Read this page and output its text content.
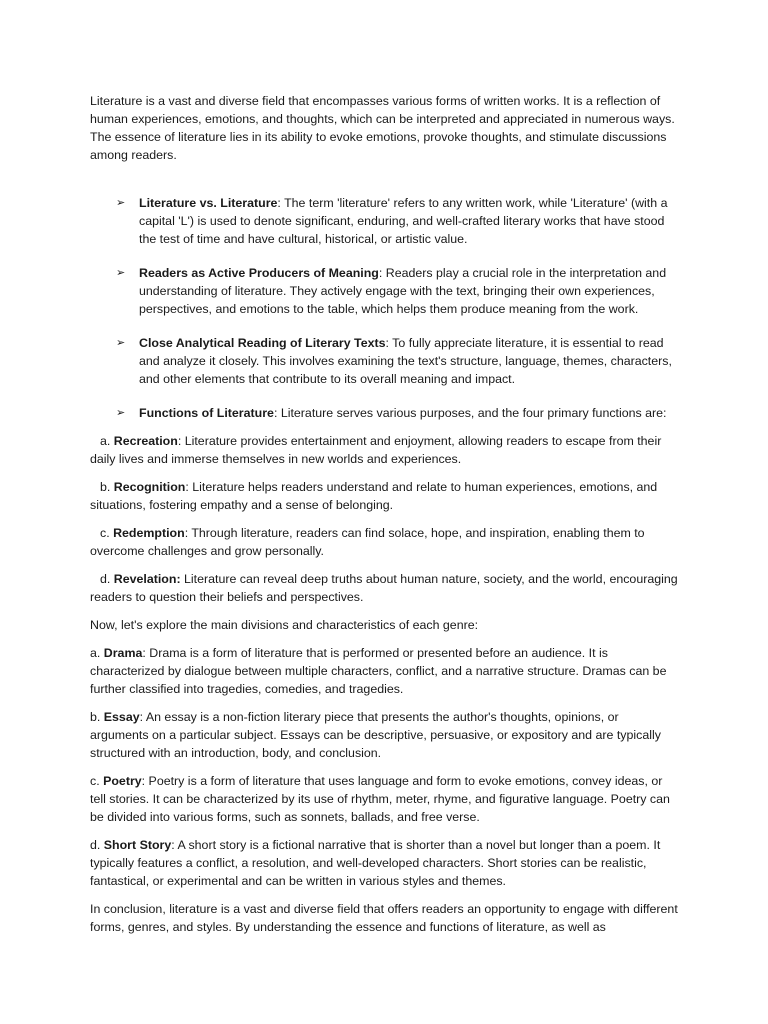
Literature is a vast and diverse field that encompasses various forms of written works. It is a reflection of human experiences, emotions, and thoughts, which can be interpreted and appreciated in numerous ways. The essence of literature lies in its ability to evoke emotions, provoke thoughts, and stimulate discussions among readers.

➢ Literature vs. Literature: The term 'literature' refers to any written work, while 'Literature' (with a capital 'L') is used to denote significant, enduring, and well-crafted literary works that have stood the test of time and have cultural, historical, or artistic value.
➢ Readers as Active Producers of Meaning: Readers play a crucial role in the interpretation and understanding of literature. They actively engage with the text, bringing their own experiences, perspectives, and emotions to the table, which helps them produce meaning from the work.
➢ Close Analytical Reading of Literary Texts: To fully appreciate literature, it is essential to read and analyze it closely. This involves examining the text's structure, language, themes, characters, and other elements that contribute to its overall meaning and impact.
➢ Functions of Literature: Literature serves various purposes, and the four primary functions are:

a. Recreation: Literature provides entertainment and enjoyment, allowing readers to escape from their daily lives and immerse themselves in new worlds and experiences.

b. Recognition: Literature helps readers understand and relate to human experiences, emotions, and situations, fostering empathy and a sense of belonging.

c. Redemption: Through literature, readers can find solace, hope, and inspiration, enabling them to overcome challenges and grow personally.

d. Revelation: Literature can reveal deep truths about human nature, society, and the world, encouraging readers to question their beliefs and perspectives.

Now, let's explore the main divisions and characteristics of each genre:

a. Drama: Drama is a form of literature that is performed or presented before an audience. It is characterized by dialogue between multiple characters, conflict, and a narrative structure. Dramas can be further classified into tragedies, comedies, and tragedies.

b. Essay: An essay is a non-fiction literary piece that presents the author's thoughts, opinions, or arguments on a particular subject. Essays can be descriptive, persuasive, or expository and are typically structured with an introduction, body, and conclusion.

c. Poetry: Poetry is a form of literature that uses language and form to evoke emotions, convey ideas, or tell stories. It can be characterized by its use of rhythm, meter, rhyme, and figurative language. Poetry can be divided into various forms, such as sonnets, ballads, and free verse.

d. Short Story: A short story is a fictional narrative that is shorter than a novel but longer than a poem. It typically features a conflict, a resolution, and well-developed characters. Short stories can be realistic, fantastical, or experimental and can be written in various styles and themes.

In conclusion, literature is a vast and diverse field that offers readers an opportunity to engage with different forms, genres, and styles. By understanding the essence and functions of literature, as well as
